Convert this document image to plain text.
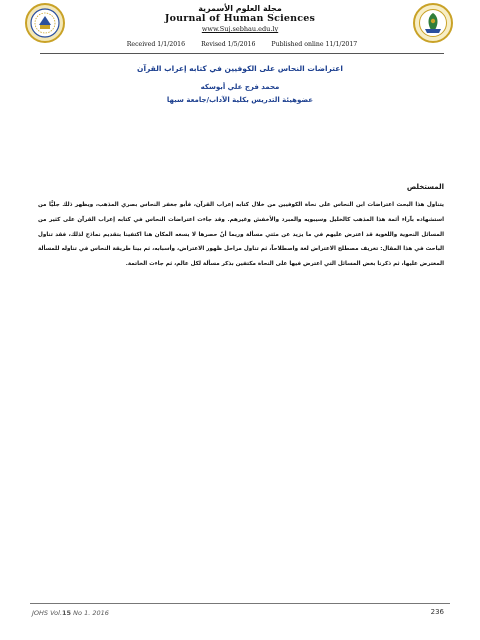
مجلة العلوم الأسمرية
Journal of Human Sciences
www.Suj.sebhau.edu.ly
Received 1/1/2016	Revised 1/5/2016	Published online 11/1/2017
اعتراضات النحاس على الكوفيين في كتابه إعراب القرآن
محمد فرج علي أبوسكه
عضوهيئة التدريس بكلية الآداب/جامعة سبها
المستخلص

يتناول هذا البحث اعتراضات ابن النحاس على نحاة الكوفيين من خلال كتابه إعراب القرآن، فأبو جعفر النحاس بصري المذهب، ويظهر ذلك جليًّا من استشهاده بآراء أئمة هذا المذهب كالخليل وسيبويه والمبرد والأخفش وغيرهم. وقد جاءت اعتراضات النحاس في كتابه إعراب القرآن على كثير من المسائل النحوية واللغوية قد اعترض عليهم في ما يزيد عن مئتي مسألة وربما أنّ حصرها لا يسعه المكان هنا اكتفينا بتقديم نماذج لذلك، فقد تناول الباحث في هذا المقال: تعريف مصطلح الاعتراض لغة واصطلاحاً، ثم تناول مراحل ظهور الاعتراض، وأسبابه، ثم بينا طريقة النحاس في تناوله للمسألة المعترض عليها، ثم ذكرنا بعض المسائل التي اعترض فيها على النحاة مكتفين بذكر مسألة لكل عالم، ثم جاءت الخاتمة.

JOHS Vol.15 No 1. 2016	236
